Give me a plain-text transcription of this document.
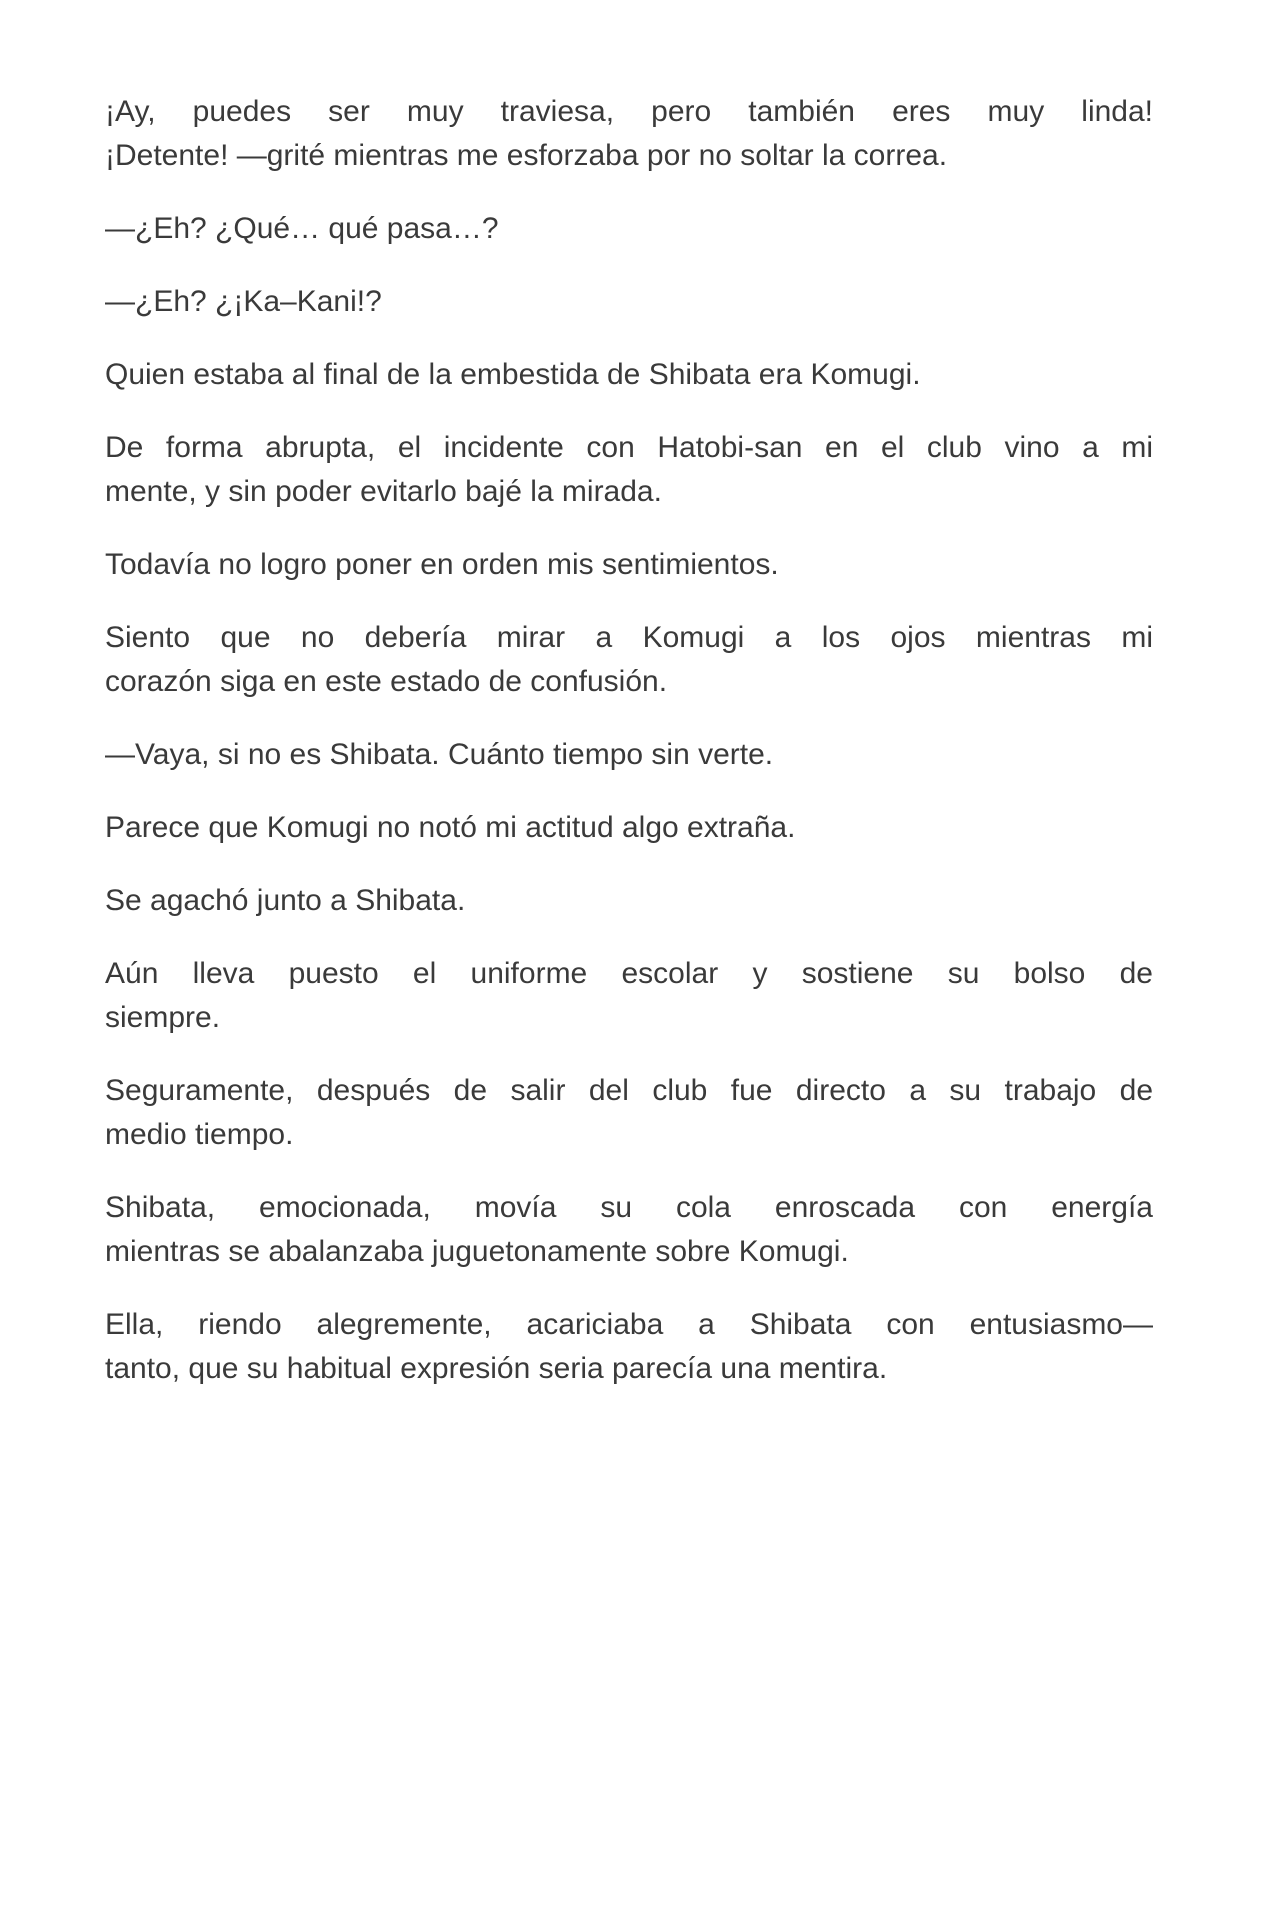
¡Ay, puedes ser muy traviesa, pero también eres muy linda!
¡Detente! —grité mientras me esforzaba por no soltar la correa.
—¿Eh? ¿Qué… qué pasa…?
—¿Eh? ¿¡Ka–Kani!?
Quien estaba al final de la embestida de Shibata era Komugi.
De forma abrupta, el incidente con Hatobi-san en el club vino a mi
mente, y sin poder evitarlo bajé la mirada.
Todavía no logro poner en orden mis sentimientos.
Siento que no debería mirar a Komugi a los ojos mientras mi
corazón siga en este estado de confusión.
—Vaya, si no es Shibata. Cuánto tiempo sin verte.
Parece que Komugi no notó mi actitud algo extraña.
Se agachó junto a Shibata.
Aún lleva puesto el uniforme escolar y sostiene su bolso de
siempre.
Seguramente, después de salir del club fue directo a su trabajo de
medio tiempo.
Shibata, emocionada, movía su cola enroscada con energía
mientras se abalanzaba juguetonamente sobre Komugi.
Ella, riendo alegremente, acariciaba a Shibata con entusiasmo—
tanto, que su habitual expresión seria parecía una mentira.
